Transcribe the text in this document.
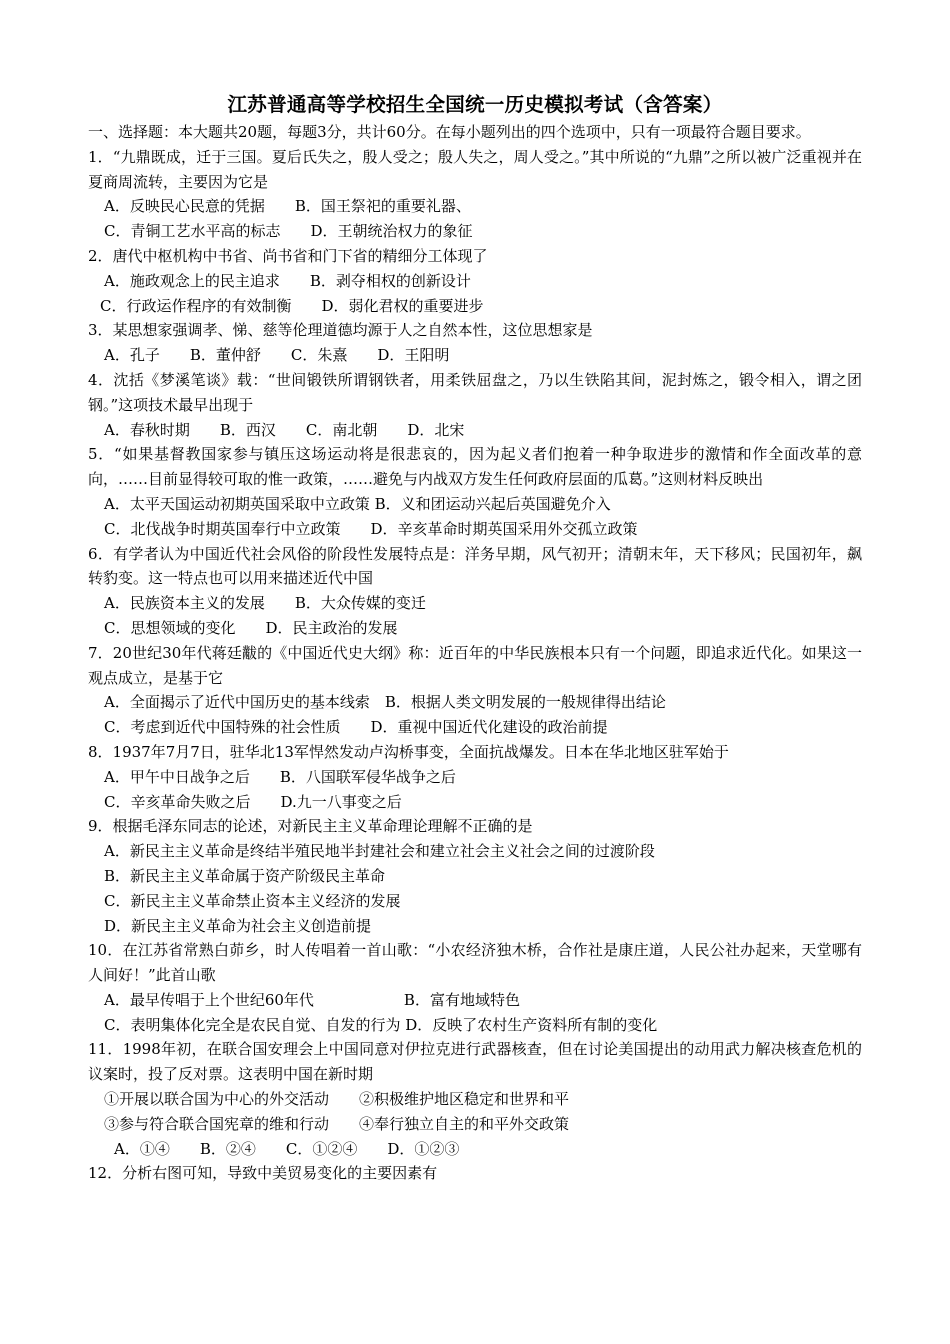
江苏普通高等学校招生全国统一历史模拟考试（含答案）
一、选择题：本大题共20题，每题3分，共计60分。在每小题列出的四个选项中，只有一项最符合题目要求。
1．“九鼎既成，迁于三国。夏后氏失之，殷人受之；殷人失之，周人受之。”其中所说的“九鼎”之所以被广泛重视并在夏商周流转，主要因为它是
A．反映民心民意的凭据　　B．国王祭祀的重要礼器、
C．青铜工艺水平高的标志　　D．王朝统治权力的象征
2．唐代中枢机构中书省、尚书省和门下省的精细分工体现了
A．施政观念上的民主追求　　B．剥夺相权的创新设计
C．行政运作程序的有效制衡　　D．弱化君权的重要进步
3．某思想家强调孝、悌、慈等伦理道德均源于人之自然本性，这位思想家是
A．孔子　　B．董仲舒　　C．朱熹　　D．王阳明
4．沈括《梦溪笔谈》载：“世间锻铁所谓钢铁者，用柔铁屈盘之，乃以生铁陷其间，泥封炼之，锻令相入，谓之团钢。”这项技术最早出现于
A．春秋时期　　B．西汉　　C．南北朝　　D．北宋
5．“如果基督教国家参与镇压这场运动将是很悲哀的，因为起义者们抱着一种争取进步的激情和作全面改革的意向，……目前显得较可取的惟一政策，……避免与内战双方发生任何政府层面的瓜葛。”这则材料反映出
A．太平天国运动初期英国采取中立政策 B．义和团运动兴起后英国避免介入
C．北伐战争时期英国奉行中立政策　　D．辛亥革命时期英国采用外交孤立政策
6．有学者认为中国近代社会风俗的阶段性发展特点是：洋务早期，风气初开；清朝末年，天下移风；民国初年，飙转豹变。这一特点也可以用来描述近代中国
A．民族资本主义的发展　　B．大众传媒的变迁
C．思想领域的变化　　D．民主政治的发展
7．20世纪30年代蒋廷黻的《中国近代史大纲》称：近百年的中华民族根本只有一个问题，即追求近代化。如果这一观点成立，是基于它
A．全面揭示了近代中国历史的基本线索　B．根据人类文明发展的一般规律得出结论
C．考虑到近代中国特殊的社会性质　　D．重视中国近代化建设的政治前提
8．1937年7月7日，驻华北13军悍然发动卢沟桥事变，全面抗战爆发。日本在华北地区驻军始于
A．甲午中日战争之后　　B．八国联军侵华战争之后
C．辛亥革命失败之后　　D.九一八事变之后
9．根据毛泽东同志的论述，对新民主主义革命理论理解不正确的是
A．新民主主义革命是终结半殖民地半封建社会和建立社会主义社会之间的过渡阶段
B．新民主主义革命属于资产阶级民主革命
C．新民主主义革命禁止资本主义经济的发展
D．新民主主义革命为社会主义创造前提
10．在江苏省常熟白茆乡，时人传唱着一首山歌：“小农经济独木桥，合作社是康庄道，人民公社办起来，天堂哪有人间好！”此首山歌
A．最早传唱于上个世纪60年代　　　　　　B．富有地域特色
C．表明集体化完全是农民自觉、自发的行为 D．反映了农村生产资料所有制的变化
11．1998年初，在联合国安理会上中国同意对伊拉克进行武器核查，但在讨论美国提出的动用武力解决核查危机的议案时，投了反对票。这表明中国在新时期
①开展以联合国为中心的外交活动　　②积极维护地区稳定和世界和平
③参与符合联合国宪章的维和行动　　④奉行独立自主的和平外交政策
A．①④　　B．②④　　C．①②④　　D．①②③
12．分析右图可知，导致中美贸易变化的主要因素有
